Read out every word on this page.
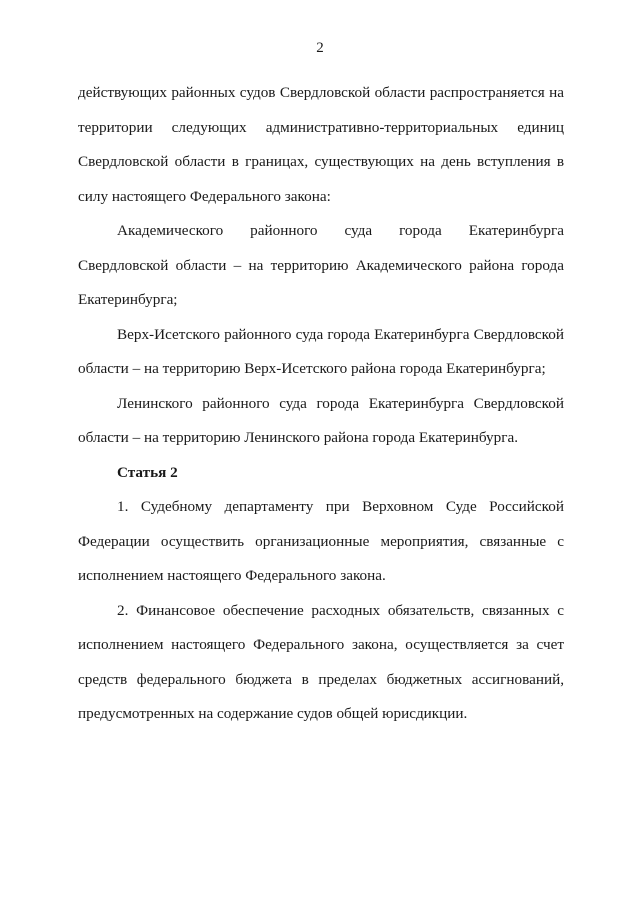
2

действующих районных судов Свердловской области распространяется на территории следующих административно-территориальных единиц Свердловской области в границах, существующих на день вступления в силу настоящего Федерального закона:

Академического районного суда города Екатеринбурга Свердловской области – на территорию Академического района города Екатеринбурга;

Верх-Исетского районного суда города Екатеринбурга Свердловской области – на территорию Верх-Исетского района города Екатеринбурга;

Ленинского районного суда города Екатеринбурга Свердловской области – на территорию Ленинского района города Екатеринбурга.

Статья 2

1. Судебному департаменту при Верховном Суде Российской Федерации осуществить организационные мероприятия, связанные с исполнением настоящего Федерального закона.

2. Финансовое обеспечение расходных обязательств, связанных с исполнением настоящего Федерального закона, осуществляется за счет средств федерального бюджета в пределах бюджетных ассигнований, предусмотренных на содержание судов общей юрисдикции.
